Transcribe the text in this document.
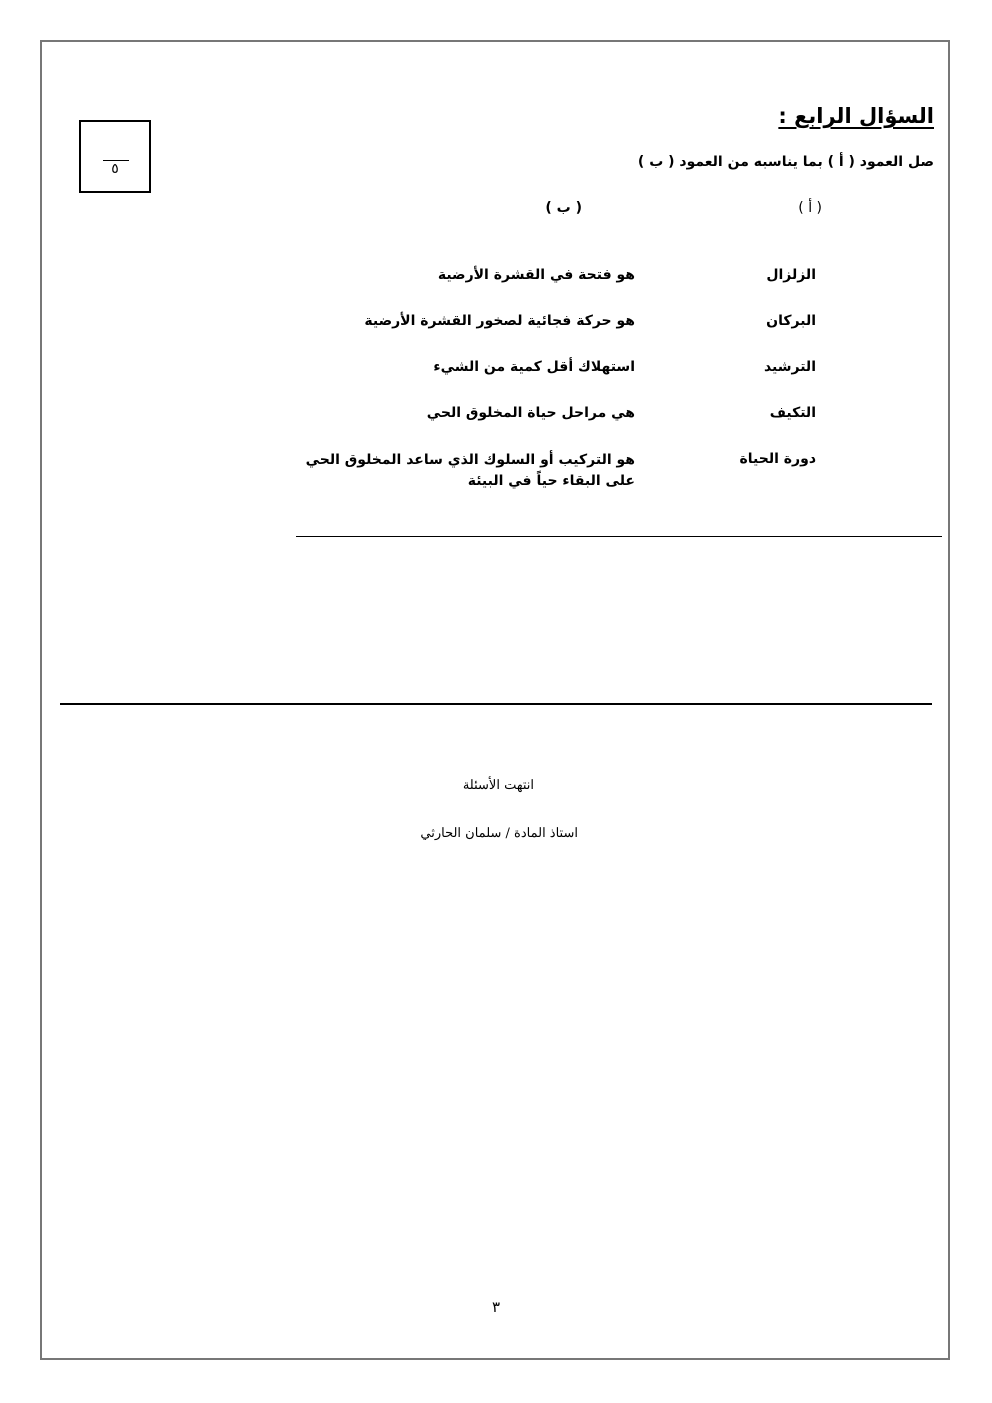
٥
السؤال الرابع :
صل العمود ( أ ) بما يناسبه من العمود ( ب )
( أ )
( ب )
الزلزال
هو فتحة في القشرة الأرضية
البركان
هو حركة فجائية لصخور القشرة الأرضية
الترشيد
استهلاك أقل كمية من الشيء
التكيف
هي مراحل حياة المخلوق الحي
دورة الحياة
هو التركيب أو السلوك الذي ساعد المخلوق الحي
على البقاء حياً في البيئة
انتهت الأسئلة
استاذ المادة / سلمان الحارثي
٣
